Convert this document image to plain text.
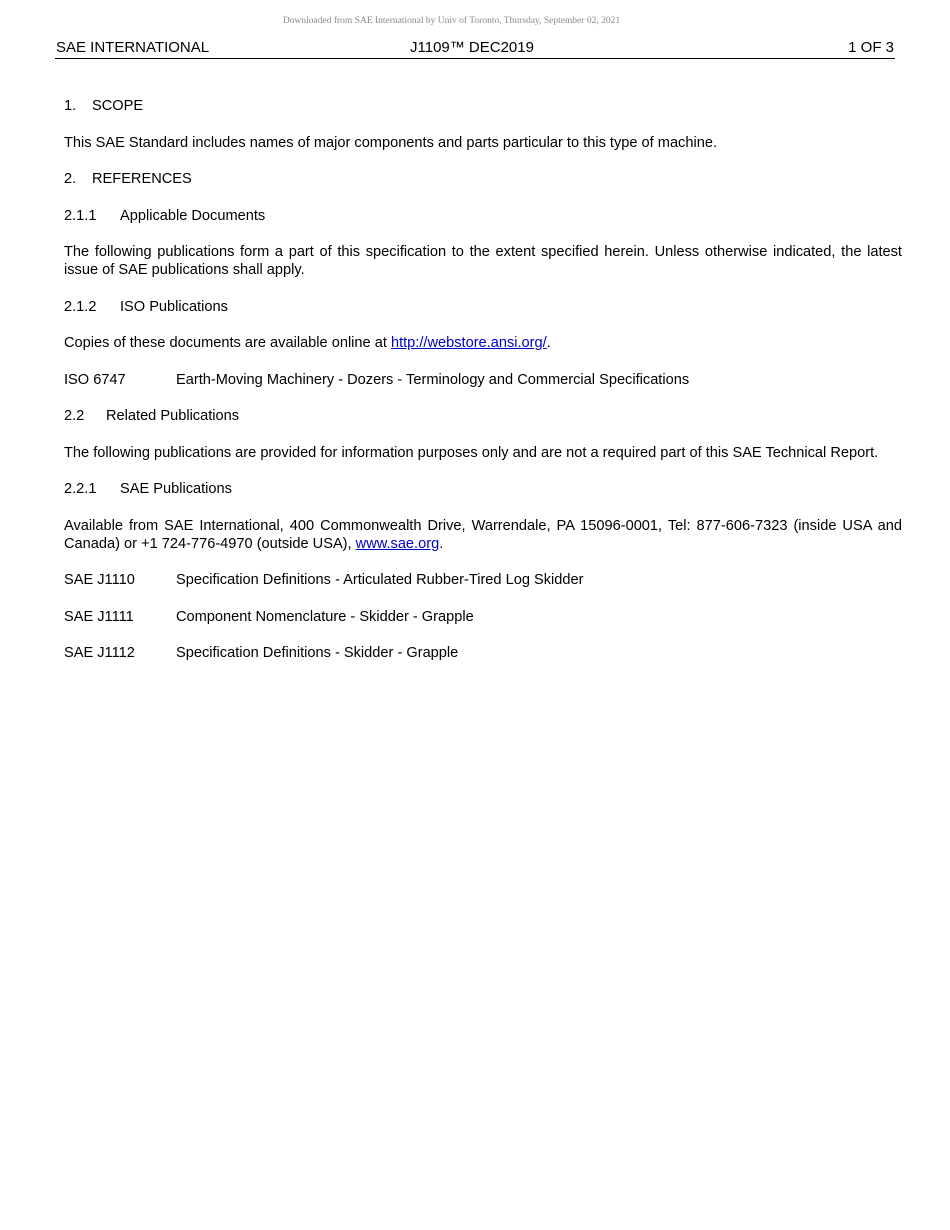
Downloaded from SAE International by Univ of Toronto, Thursday, September 02, 2021
SAE INTERNATIONAL	J1109™ DEC2019	1 OF 3
1. SCOPE
This SAE Standard includes names of major components and parts particular to this type of machine.
2. REFERENCES
2.1.1 Applicable Documents
The following publications form a part of this specification to the extent specified herein. Unless otherwise indicated, the latest issue of SAE publications shall apply.
2.1.2 ISO Publications
Copies of these documents are available online at http://webstore.ansi.org/.
ISO 6747	Earth-Moving Machinery - Dozers - Terminology and Commercial Specifications
2.2 Related Publications
The following publications are provided for information purposes only and are not a required part of this SAE Technical Report.
2.2.1 SAE Publications
Available from SAE International, 400 Commonwealth Drive, Warrendale, PA 15096-0001, Tel: 877-606-7323 (inside USA and Canada) or +1 724-776-4970 (outside USA), www.sae.org.
SAE J1110	Specification Definitions - Articulated Rubber-Tired Log Skidder
SAE J1111	Component Nomenclature - Skidder - Grapple
SAE J1112	Specification Definitions - Skidder - Grapple
